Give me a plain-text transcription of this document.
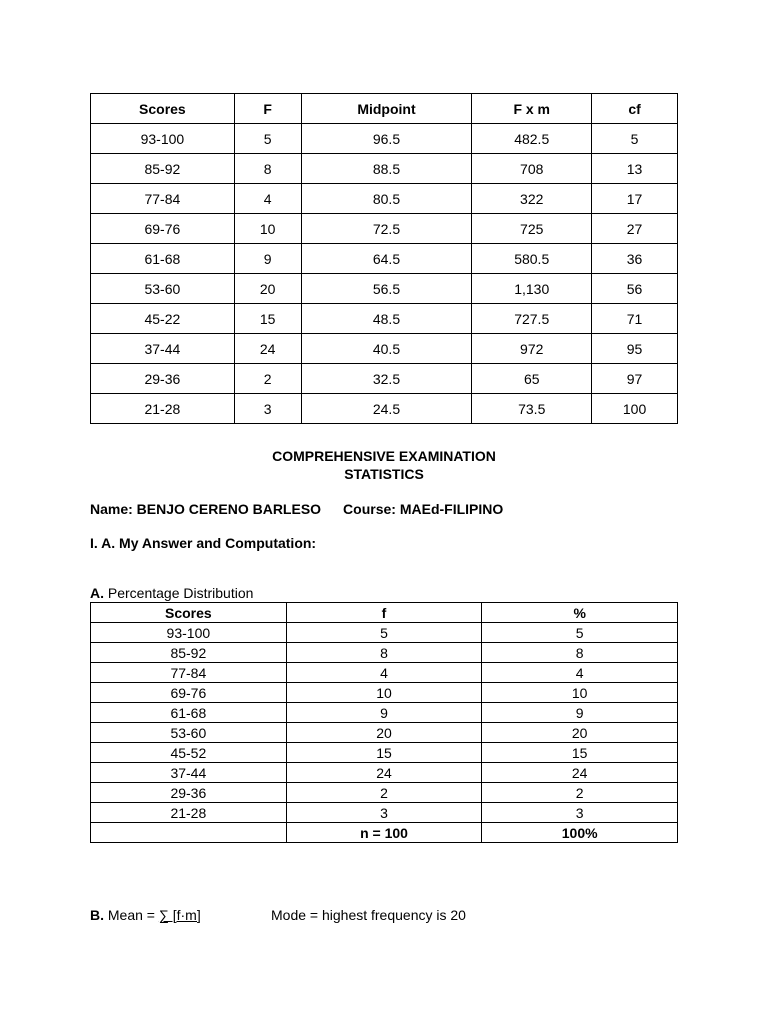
Scores	F	Midpoint	F x m	cf
93-100	5	96.5	482.5	5
85-92	8	88.5	708	13
77-84	4	80.5	322	17
69-76	10	72.5	725	27
61-68	9	64.5	580.5	36
53-60	20	56.5	1,130	56
45-22	15	48.5	727.5	71
37-44	24	40.5	972	95
29-36	2	32.5	65	97
21-28	3	24.5	73.5	100
COMPREHENSIVE EXAMINATION
STATISTICS
Name: BENJO CERENO BARLESO Course: MAEd-FILIPINO
I. A. My Answer and Computation:
A. Percentage Distribution
Scores	f	%
93-100	5	5
85-92	8	8
77-84	4	4
69-76	10	10
61-68	9	9
53-60	20	20
45-52	15	15
37-44	24	24
29-36	2	2
21-28	3	3
	n = 100	100%
B. Mean = ∑ [f·m]	Mode = highest frequency is 20
